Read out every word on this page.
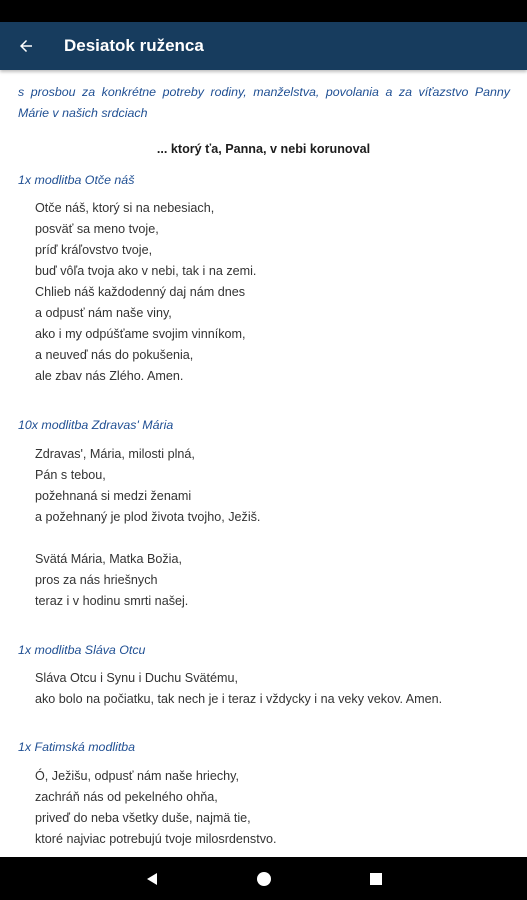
Desiatok ruženca
s prosbou za konkrétne potreby rodiny, manželstva, povolania a za víťazstvo Panny Márie v našich srdciach
... ktorý ťa, Panna, v nebi korunoval
1x modlitba Otče náš
Otče náš, ktorý si na nebesiach,
posväť sa meno tvoje,
príď kráľovstvo tvoje,
buď vôľa tvoja ako v nebi, tak i na zemi.
Chlieb náš každodenný daj nám dnes
a odpusť nám naše viny,
ako i my odpúšťame svojim vinníkom,
a neuveď nás do pokušenia,
ale zbav nás Zlého. Amen.
10x modlitba Zdravas' Mária
Zdravas', Mária, milosti plná,
Pán s tebou,
požehnaná si medzi ženami
a požehnaný je plod života tvojho, Ježiš.
Svätá Mária, Matka Božia,
pros za nás hriešnych
teraz i v hodinu smrti našej.
1x modlitba Sláva Otcu
Sláva Otcu i Synu i Duchu Svätému,
ako bolo na počiatku, tak nech je i teraz i vždycky i na veky vekov. Amen.
1x Fatimská modlitba
Ó, Ježišu, odpusť nám naše hriechy,
zachráň nás od pekelného ohňa,
priveď do neba všetky duše, najmä tie,
ktoré najviac potrebujú tvoje milosrdenstvo.
